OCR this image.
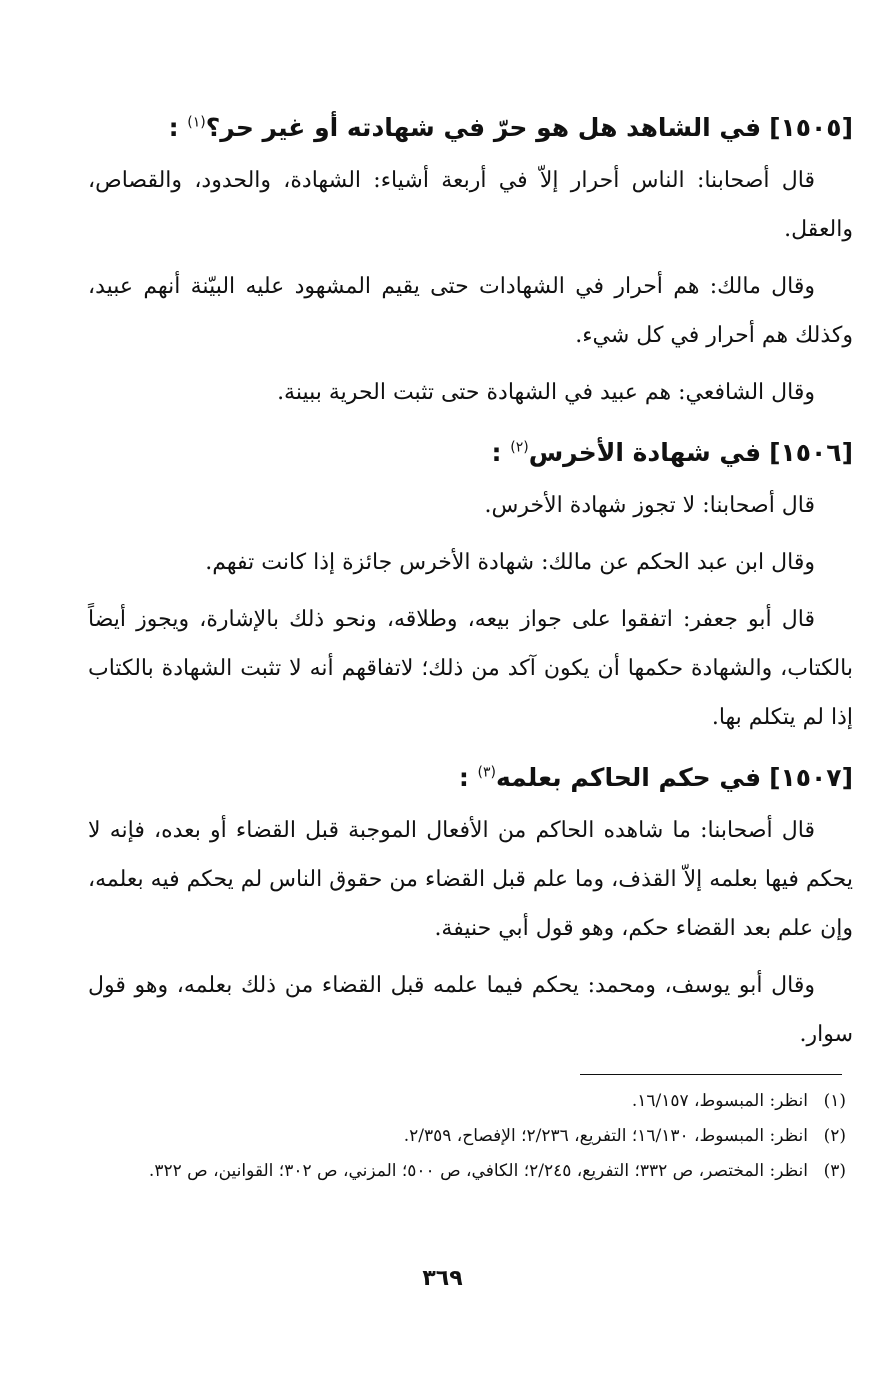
[١٥٠٥]في الشاهد هل هو حرّ في شهادته أو غير حر؟$^{(١)}$ :

قال أصحابنا: الناس أحرار إلاّ في أربعة أشياء: الشهادة، والحدود، والقصاص، والعقل.

وقال مالك: هم أحرار في الشهادات حتى يقيم المشهود عليه البيّنة أنهم عبيد، وكذلك هم أحرار في كل شيء.

وقال الشافعي: هم عبيد في الشهادة حتى تثبت الحرية ببينة.

[١٥٠٦]في شهادة الأخرس$^{(٢)}$ :

قال أصحابنا: لا تجوز شهادة الأخرس.

وقال ابن عبد الحكم عن مالك: شهادة الأخرس جائزة إذا كانت تفهم.

قال أبو جعفر: اتفقوا على جواز بيعه، وطلاقه، ونحو ذلك بالإشارة، ويجوز أيضاً بالكتاب، والشهادة حكمها أن يكون آكد من ذلك؛ لاتفاقهم أنه لا تثبت الشهادة بالكتاب إذا لم يتكلم بها.

[١٥٠٧]في حكم الحاكم بعلمه$^{(٣)}$ :

قال أصحابنا: ما شاهده الحاكم من الأفعال الموجبة قبل القضاء أو بعده، فإنه لا يحكم فيها بعلمه إلاّ القذف، وما علم قبل القضاء من حقوق الناس لم يحكم فيه بعلمه، وإن علم بعد القضاء حكم، وهو قول أبي حنيفة.

وقال أبو يوسف، ومحمد: يحكم فيما علمه قبل القضاء من ذلك بعلمه، وهو قول سوار.

(١)
انظر: المبسوط، ١٦/١٥٧.

(٢)
انظر: المبسوط، ١٦/١٣٠؛ التفريع، ٢/٢٣٦؛ الإفصاح، ٢/٣٥٩.

(٣)
انظر: المختصر، ص ٣٣٢؛ التفريع، ٢/٢٤٥؛ الكافي، ص ٥٠٠؛ المزني، ص ٣٠٢؛ القوانين، ص ٣٢٢.

٣٦٩
